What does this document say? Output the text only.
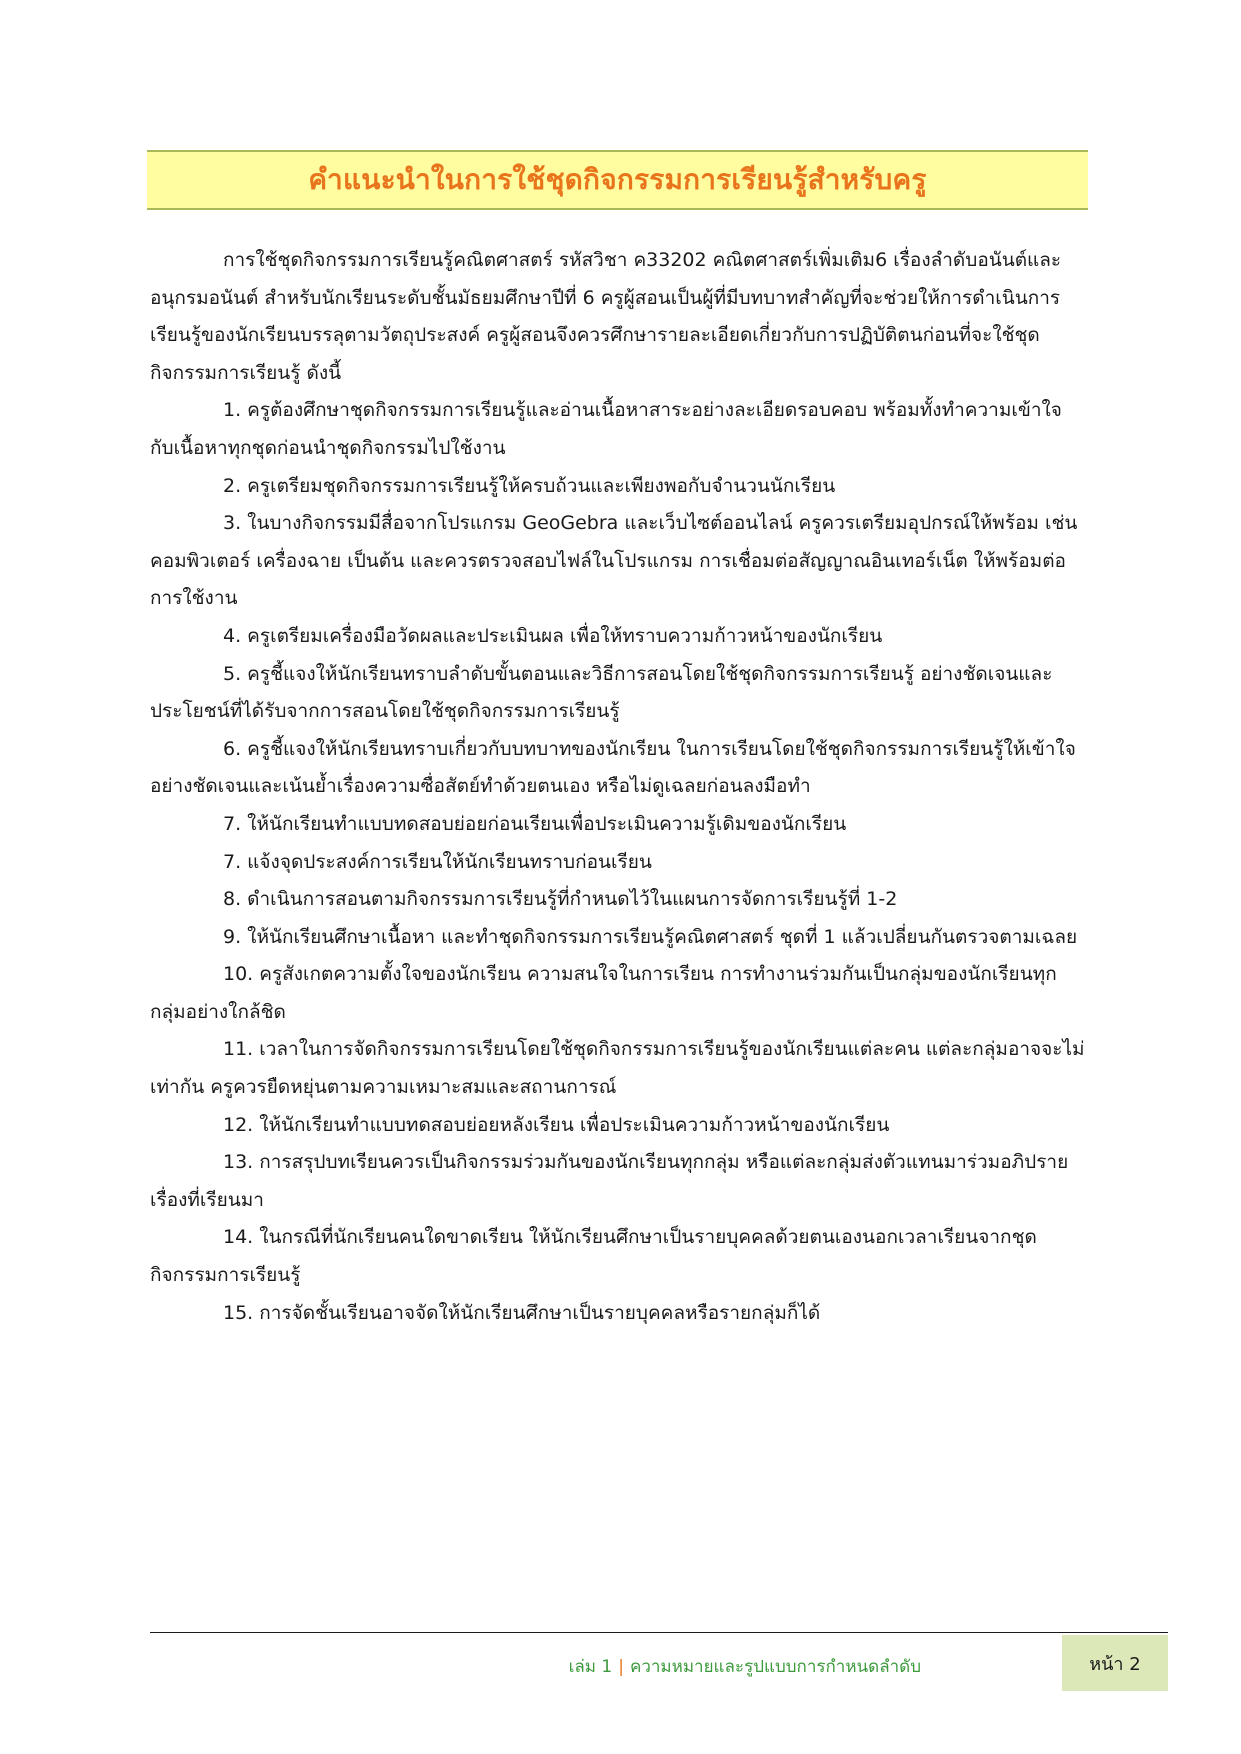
คำแนะนำในการใช้ชุดกิจกรรมการเรียนรู้สำหรับครู

การใช้ชุดกิจกรรมการเรียนรู้คณิตศาสตร์ รหัสวิชา ค33202 คณิตศาสตร์เพิ่มเติม6 เรื่องลำดับอนันต์และอนุกรมอนันต์ สำหรับนักเรียนระดับชั้นมัธยมศึกษาปีที่ 6 ครูผู้สอนเป็นผู้ที่มีบทบาทสำคัญที่จะช่วยให้การดำเนินการเรียนรู้ของนักเรียนบรรลุตามวัตถุประสงค์ ครูผู้สอนจึงควรศึกษารายละเอียดเกี่ยวกับการปฏิบัติตนก่อนที่จะใช้ชุดกิจกรรมการเรียนรู้ ดังนี้

1. ครูต้องศึกษาชุดกิจกรรมการเรียนรู้และอ่านเนื้อหาสาระอย่างละเอียดรอบคอบ พร้อมทั้งทำความเข้าใจกับเนื้อหาทุกชุดก่อนนำชุดกิจกรรมไปใช้งาน

2. ครูเตรียมชุดกิจกรรมการเรียนรู้ให้ครบถ้วนและเพียงพอกับจำนวนนักเรียน

3. ในบางกิจกรรมมีสื่อจากโปรแกรม GeoGebra และเว็บไซต์ออนไลน์ ครูควรเตรียมอุปกรณ์ให้พร้อม เช่น คอมพิวเตอร์ เครื่องฉาย เป็นต้น และควรตรวจสอบไฟล์ในโปรแกรม การเชื่อมต่อสัญญาณอินเทอร์เน็ต ให้พร้อมต่อการใช้งาน

4. ครูเตรียมเครื่องมือวัดผลและประเมินผล เพื่อให้ทราบความก้าวหน้าของนักเรียน

5. ครูชี้แจงให้นักเรียนทราบลำดับขั้นตอนและวิธีการสอนโดยใช้ชุดกิจกรรมการเรียนรู้ อย่างชัดเจนและประโยชน์ที่ได้รับจากการสอนโดยใช้ชุดกิจกรรมการเรียนรู้

6. ครูชี้แจงให้นักเรียนทราบเกี่ยวกับบทบาทของนักเรียน ในการเรียนโดยใช้ชุดกิจกรรมการเรียนรู้ให้เข้าใจอย่างชัดเจนและเน้นย้ำเรื่องความซื่อสัตย์ทำด้วยตนเอง หรือไม่ดูเฉลยก่อนลงมือทำ

7. ให้นักเรียนทำแบบทดสอบย่อยก่อนเรียนเพื่อประเมินความรู้เดิมของนักเรียน

7. แจ้งจุดประสงค์การเรียนให้นักเรียนทราบก่อนเรียน

8. ดำเนินการสอนตามกิจกรรมการเรียนรู้ที่กำหนดไว้ในแผนการจัดการเรียนรู้ที่ 1-2

9. ให้นักเรียนศึกษาเนื้อหา และทำชุดกิจกรรมการเรียนรู้คณิตศาสตร์ ชุดที่ 1 แล้วเปลี่ยนกันตรวจตามเฉลย

10. ครูสังเกตความตั้งใจของนักเรียน ความสนใจในการเรียน การทำงานร่วมกันเป็นกลุ่มของนักเรียนทุกกลุ่มอย่างใกล้ชิด

11. เวลาในการจัดกิจกรรมการเรียนโดยใช้ชุดกิจกรรมการเรียนรู้ของนักเรียนแต่ละคน แต่ละกลุ่มอาจจะไม่เท่ากัน ครูควรยืดหยุ่นตามความเหมาะสมและสถานการณ์

12. ให้นักเรียนทำแบบทดสอบย่อยหลังเรียน เพื่อประเมินความก้าวหน้าของนักเรียน

13. การสรุปบทเรียนควรเป็นกิจกรรมร่วมกันของนักเรียนทุกกลุ่ม หรือแต่ละกลุ่มส่งตัวแทนมาร่วมอภิปรายเรื่องที่เรียนมา

14. ในกรณีที่นักเรียนคนใดขาดเรียน ให้นักเรียนศึกษาเป็นรายบุคคลด้วยตนเองนอกเวลาเรียนจากชุดกิจกรรมการเรียนรู้

15. การจัดชั้นเรียนอาจจัดให้นักเรียนศึกษาเป็นรายบุคคลหรือรายกลุ่มก็ได้

เล่ม 1 | ความหมายและรูปแบบการกำหนดลำดับ	หน้า 2
